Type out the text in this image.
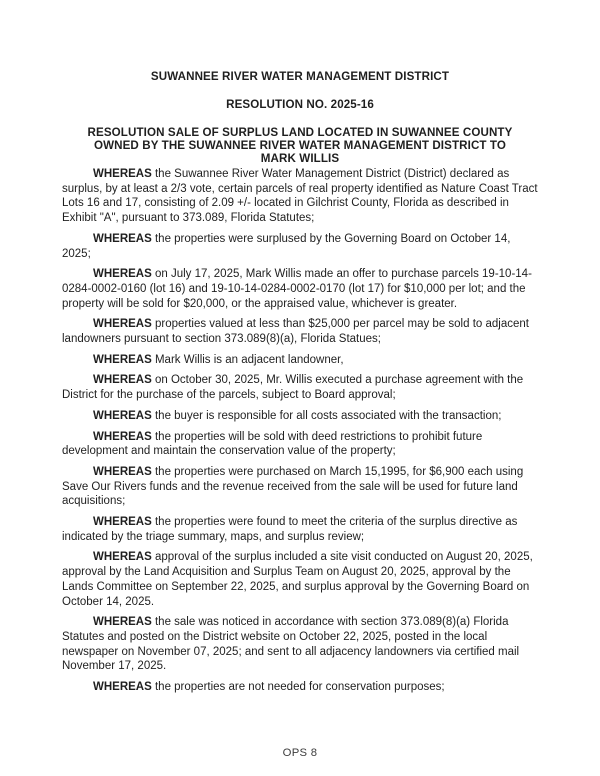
SUWANNEE RIVER WATER MANAGEMENT DISTRICT
RESOLUTION NO. 2025-16
RESOLUTION SALE OF SURPLUS LAND LOCATED IN SUWANNEE COUNTY
OWNED BY THE SUWANNEE RIVER WATER MANAGEMENT DISTRICT TO
MARK WILLIS

WHEREAS the Suwannee River Water Management District (District) declared as surplus, by at least a 2/3 vote, certain parcels of real property identified as Nature Coast Tract Lots 16 and 17, consisting of 2.09 +/- located in Gilchrist County, Florida as described in Exhibit "A", pursuant to 373.089, Florida Statutes;

WHEREAS the properties were surplused by the Governing Board on October 14, 2025;

WHEREAS on July 17, 2025, Mark Willis made an offer to purchase parcels 19-10-14-0284-0002-0160 (lot 16) and 19-10-14-0284-0002-0170 (lot 17) for $10,000 per lot; and the property will be sold for $20,000, or the appraised value, whichever is greater.

WHEREAS properties valued at less than $25,000 per parcel may be sold to adjacent landowners pursuant to section 373.089(8)(a), Florida Statues;

WHEREAS Mark Willis is an adjacent landowner,

WHEREAS on October 30, 2025, Mr. Willis executed a purchase agreement with the District for the purchase of the parcels, subject to Board approval;

WHEREAS the buyer is responsible for all costs associated with the transaction;

WHEREAS the properties will be sold with deed restrictions to prohibit future development and maintain the conservation value of the property;

WHEREAS the properties were purchased on March 15,1995, for $6,900 each using Save Our Rivers funds and the revenue received from the sale will be used for future land acquisitions;

WHEREAS the properties were found to meet the criteria of the surplus directive as indicated by the triage summary, maps, and surplus review;

WHEREAS approval of the surplus included a site visit conducted on August 20, 2025, approval by the Land Acquisition and Surplus Team on August 20, 2025, approval by the Lands Committee on September 22, 2025, and surplus approval by the Governing Board on October 14, 2025.

WHEREAS the sale was noticed in accordance with section 373.089(8)(a) Florida Statutes and posted on the District website on October 22, 2025, posted in the local newspaper on November 07, 2025; and sent to all adjacency landowners via certified mail November 17, 2025.

WHEREAS the properties are not needed for conservation purposes;

OPS 8
